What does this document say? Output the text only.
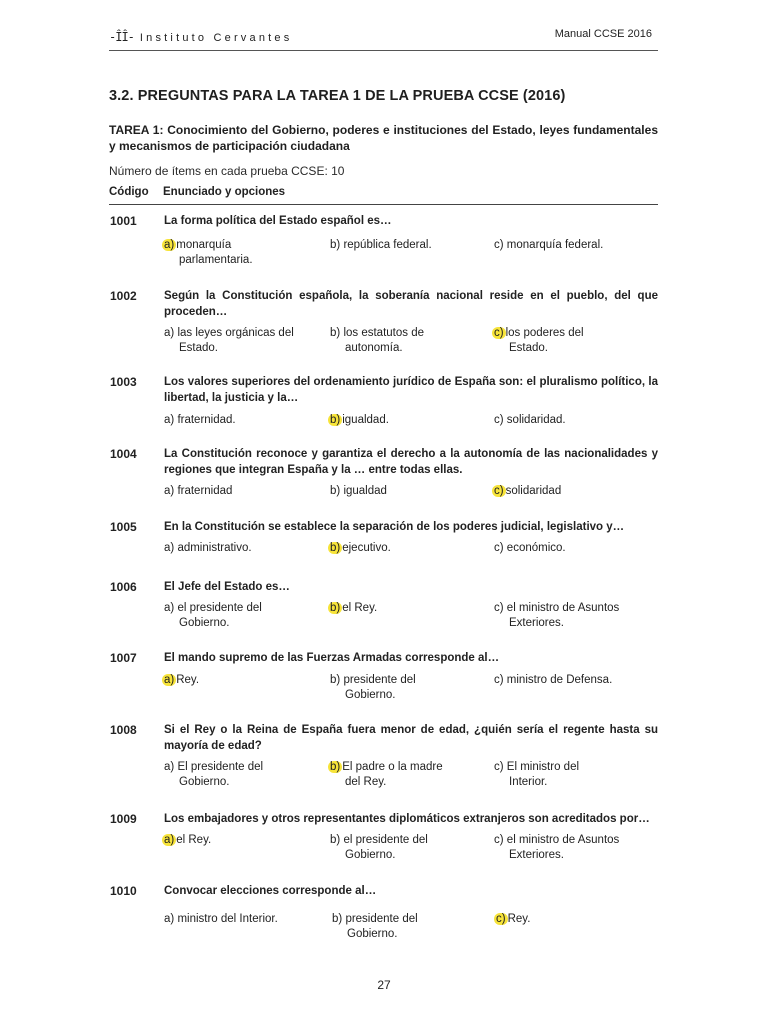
-ÎÎ- Instituto Cervantes	Manual CCSE 2016
3.2. PREGUNTAS PARA LA TAREA 1 DE LA PRUEBA CCSE (2016)
TAREA 1: Conocimiento del Gobierno, poderes e instituciones del Estado, leyes fundamentales y mecanismos de participación ciudadana
Número de ítems en cada prueba CCSE: 10
Código Enunciado y opciones
1001 La forma política del Estado español es…
a) monarquía
parlamentaria.
b) república federal.	c) monarquía federal.
1002 Según la Constitución española, la soberanía nacional reside en el pueblo, del que proceden…
a) las leyes orgánicas del
Estado.
b) los estatutos de
autonomía.
c) los poderes del
Estado.
1003 Los valores superiores del ordenamiento jurídico de España son: el pluralismo político, la libertad, la justicia y la…
a) fraternidad.	b) igualdad.	c) solidaridad.
1004 La Constitución reconoce y garantiza el derecho a la autonomía de las nacionalidades y regiones que integran España y la … entre todas ellas.
a) fraternidad	b) igualdad	c) solidaridad
1005 En la Constitución se establece la separación de los poderes judicial, legislativo y…
a) administrativo.	b) ejecutivo.	c) económico.
1006 El Jefe del Estado es…
a) el presidente del
Gobierno.
b) el Rey.	c) el ministro de Asuntos
Exteriores.
1007 El mando supremo de las Fuerzas Armadas corresponde al…
a) Rey.	b) presidente del
Gobierno.
c) ministro de Defensa.
1008 Si el Rey o la Reina de España fuera menor de edad, ¿quién sería el regente hasta su mayoría de edad?
a) El presidente del
Gobierno.
b) El padre o la madre
del Rey.
c) El ministro del
Interior.
1009 Los embajadores y otros representantes diplomáticos extranjeros son acreditados por…
a) el Rey.	b) el presidente del
Gobierno.
c) el ministro de Asuntos
Exteriores.
1010 Convocar elecciones corresponde al…
a) ministro del Interior.	b) presidente del
Gobierno.
c) Rey.
27
